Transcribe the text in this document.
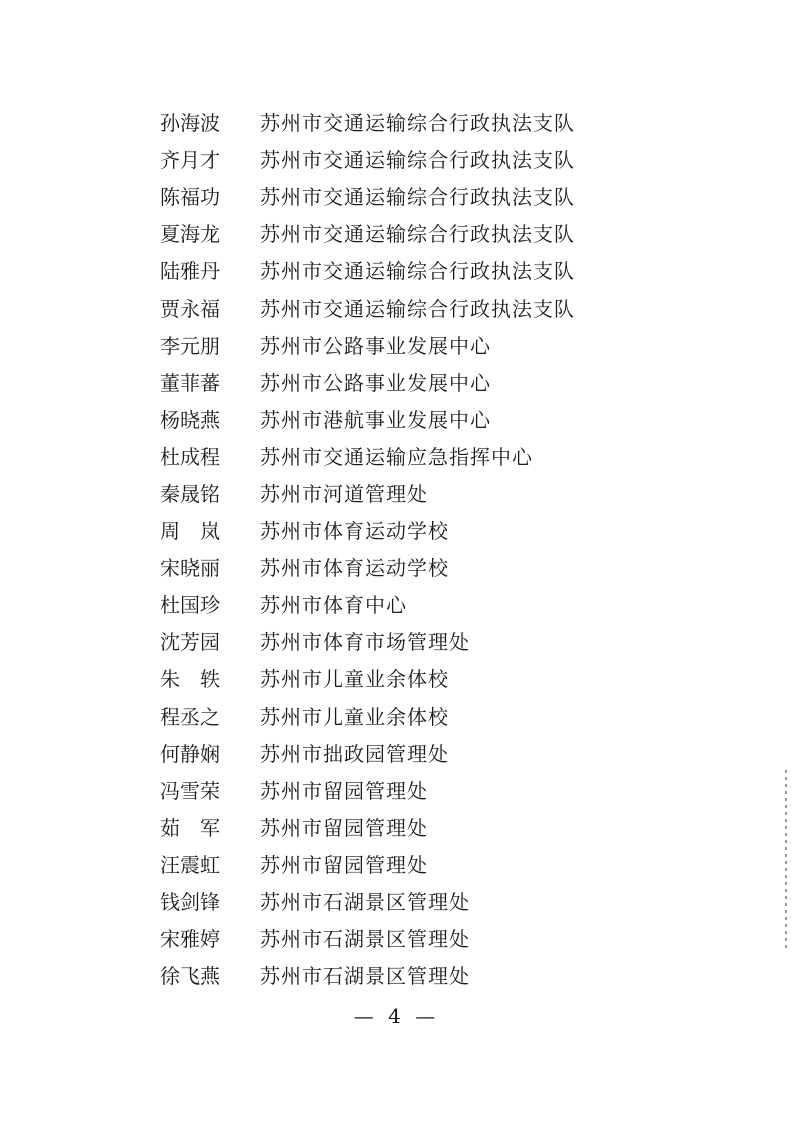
孙海波	苏州市交通运输综合行政执法支队
齐月才	苏州市交通运输综合行政执法支队
陈福功	苏州市交通运输综合行政执法支队
夏海龙	苏州市交通运输综合行政执法支队
陆雅丹	苏州市交通运输综合行政执法支队
贾永福	苏州市交通运输综合行政执法支队
李元朋	苏州市公路事业发展中心
董菲蕃	苏州市公路事业发展中心
杨晓燕	苏州市港航事业发展中心
杜成程	苏州市交通运输应急指挥中心
秦晟铭	苏州市河道管理处
周　岚	苏州市体育运动学校
宋晓丽	苏州市体育运动学校
杜国珍	苏州市体育中心
沈芳园	苏州市体育市场管理处
朱　轶	苏州市儿童业余体校
程丞之	苏州市儿童业余体校
何静娴	苏州市拙政园管理处
冯雪荣	苏州市留园管理处
茹　军	苏州市留园管理处
汪震虹	苏州市留园管理处
钱剑锋	苏州市石湖景区管理处
宋雅婷	苏州市石湖景区管理处
徐飞燕	苏州市石湖景区管理处
— 4 —
